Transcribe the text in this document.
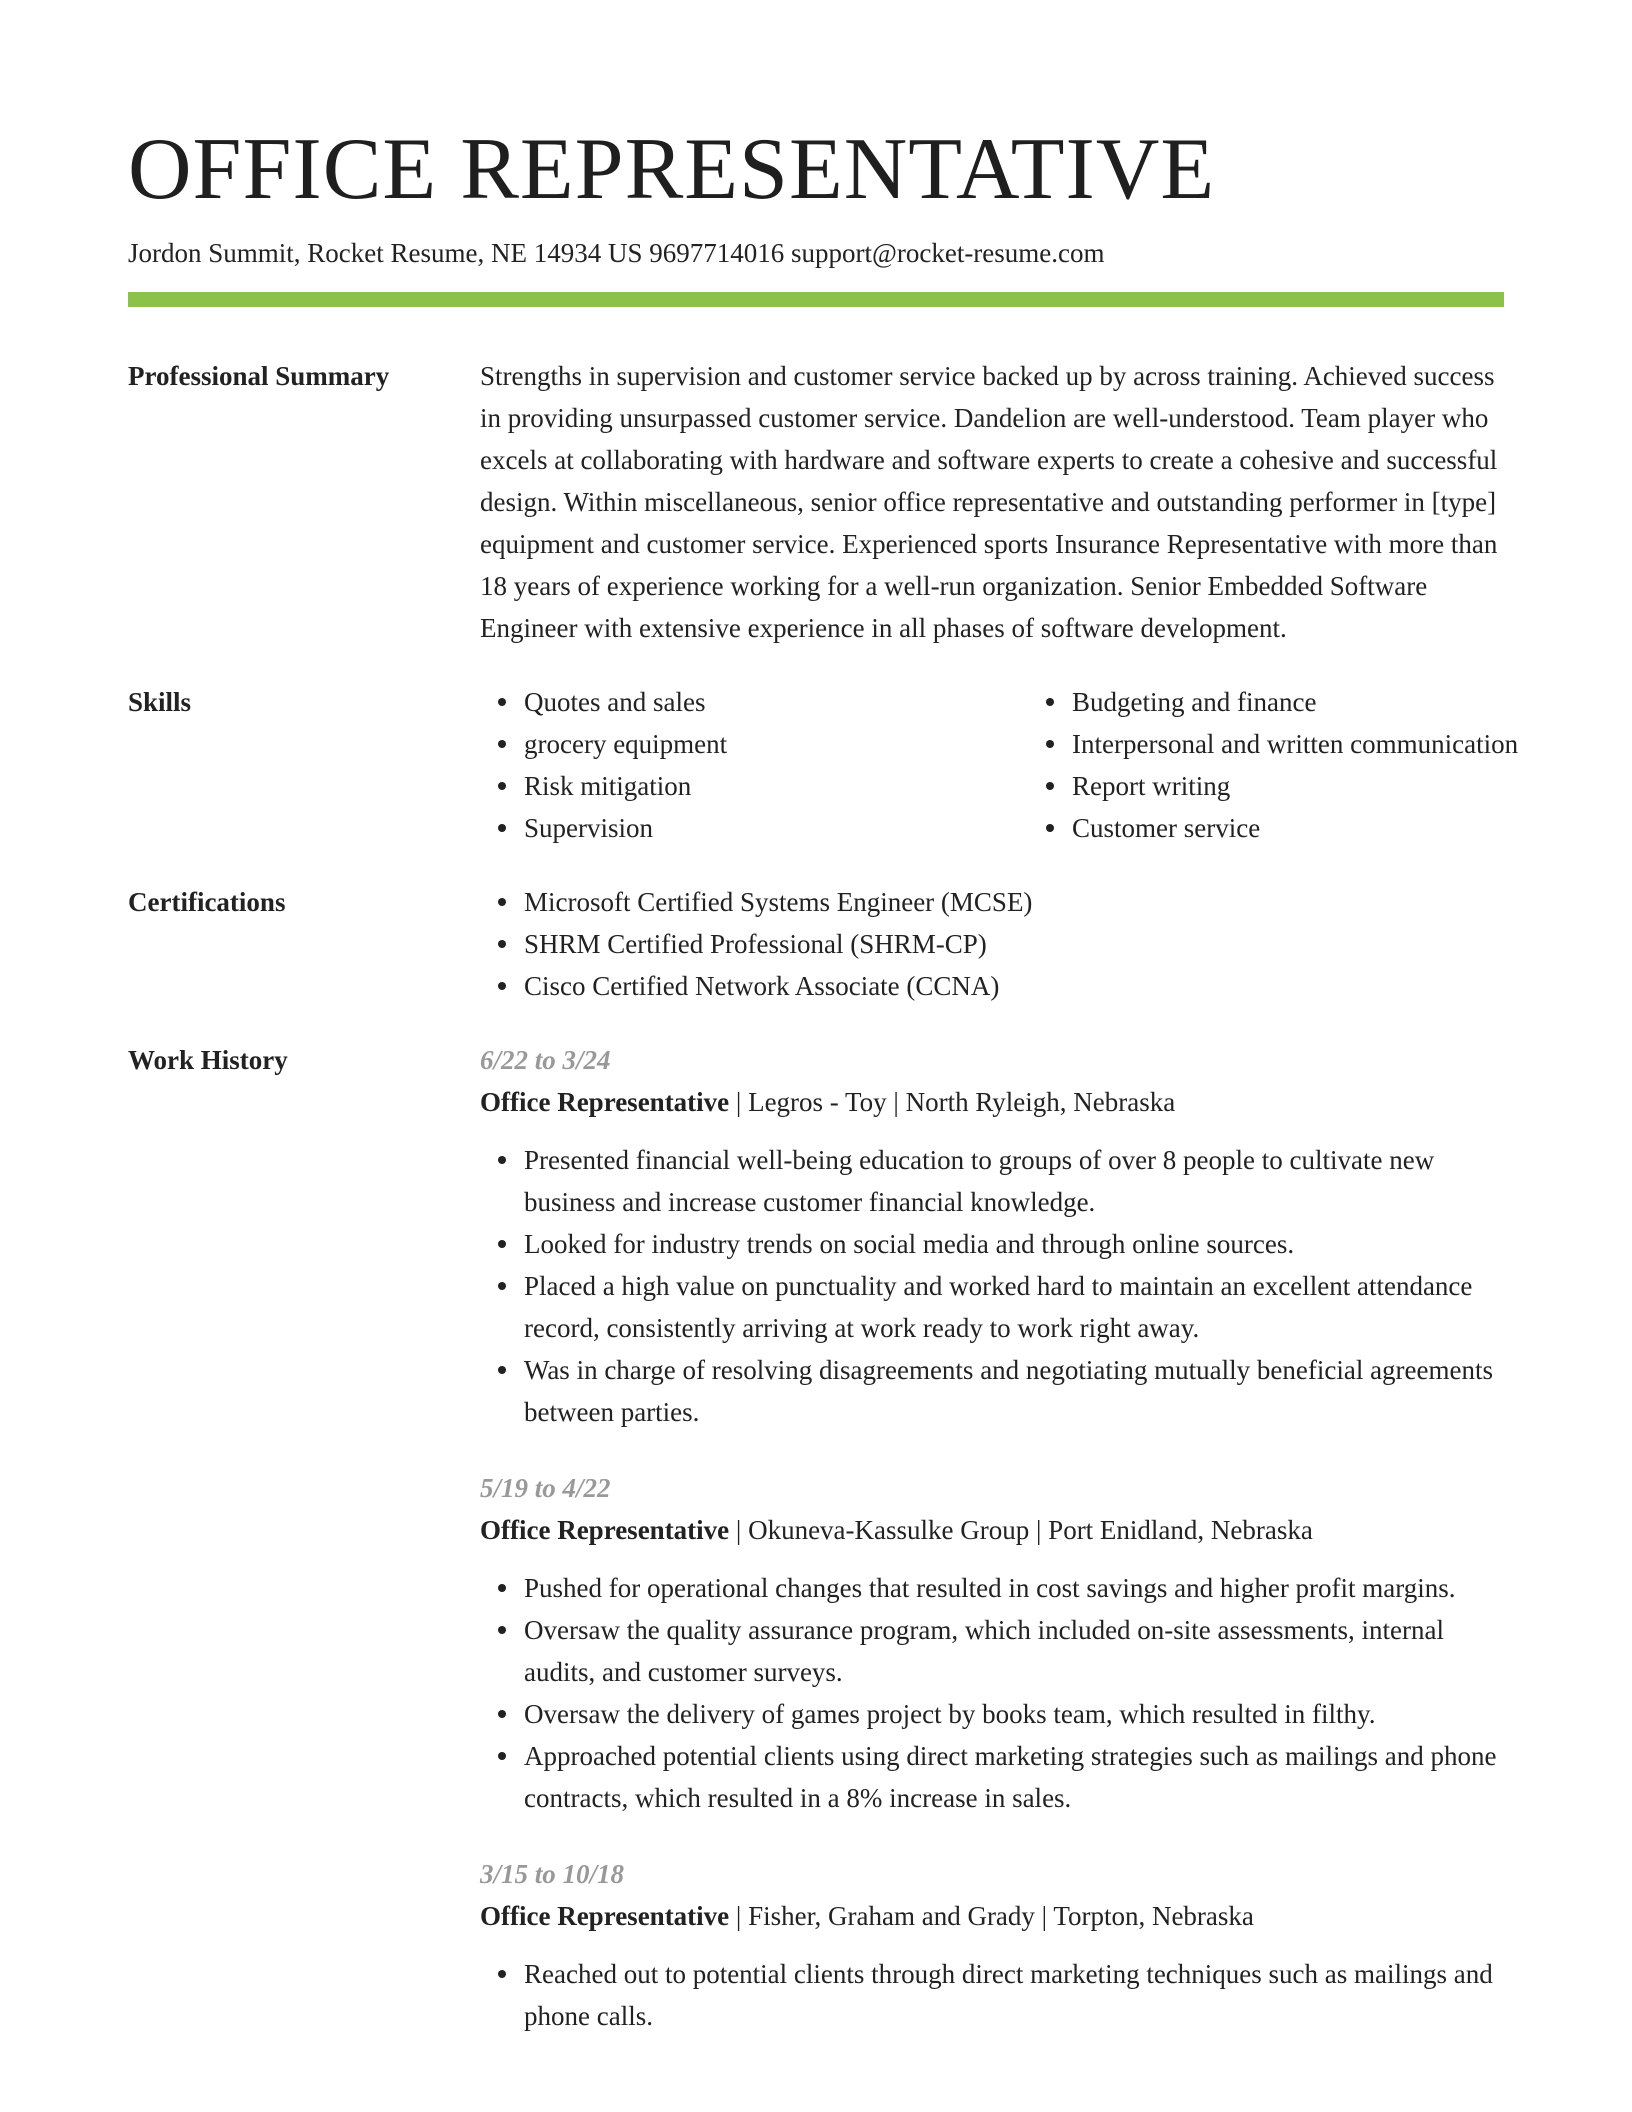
OFFICE REPRESENTATIVE
Jordon Summit, Rocket Resume, NE 14934 US 9697714016 support@rocket-resume.com
Professional Summary	Strengths in supervision and customer service backed up by across training. Achieved success in providing unsurpassed customer service. Dandelion are well-understood. Team player who excels at collaborating with hardware and software experts to create a cohesive and successful design. Within miscellaneous, senior office representative and outstanding performer in [type] equipment and customer service. Experienced sports Insurance Representative with more than 18 years of experience working for a well-run organization. Senior Embedded Software Engineer with extensive experience in all phases of software development.

Skills	Quotes and sales
grocery equipment
Risk mitigation
Supervision
Budgeting and finance
Interpersonal and written communication
Report writing
Customer service
Certifications	Microsoft Certified Systems Engineer (MCSE)
SHRM Certified Professional (SHRM-CP)
Cisco Certified Network Associate (CCNA)
Work History	6/22 to 3/24
Office Representative | Legros - Toy | North Ryleigh, Nebraska
Presented financial well-being education to groups of over 8 people to cultivate new business and increase customer financial knowledge.
Looked for industry trends on social media and through online sources.
Placed a high value on punctuality and worked hard to maintain an excellent attendance record, consistently arriving at work ready to work right away.
Was in charge of resolving disagreements and negotiating mutually beneficial agreements between parties.
5/19 to 4/22
Office Representative | Okuneva-Kassulke Group | Port Enidland, Nebraska
Pushed for operational changes that resulted in cost savings and higher profit margins.
Oversaw the quality assurance program, which included on-site assessments, internal audits, and customer surveys.
Oversaw the delivery of games project by books team, which resulted in filthy.
Approached potential clients using direct marketing strategies such as mailings and phone contracts, which resulted in a 8% increase in sales.
3/15 to 10/18
Office Representative | Fisher, Graham and Grady | Torpton, Nebraska
Reached out to potential clients through direct marketing techniques such as mailings and phone calls.
